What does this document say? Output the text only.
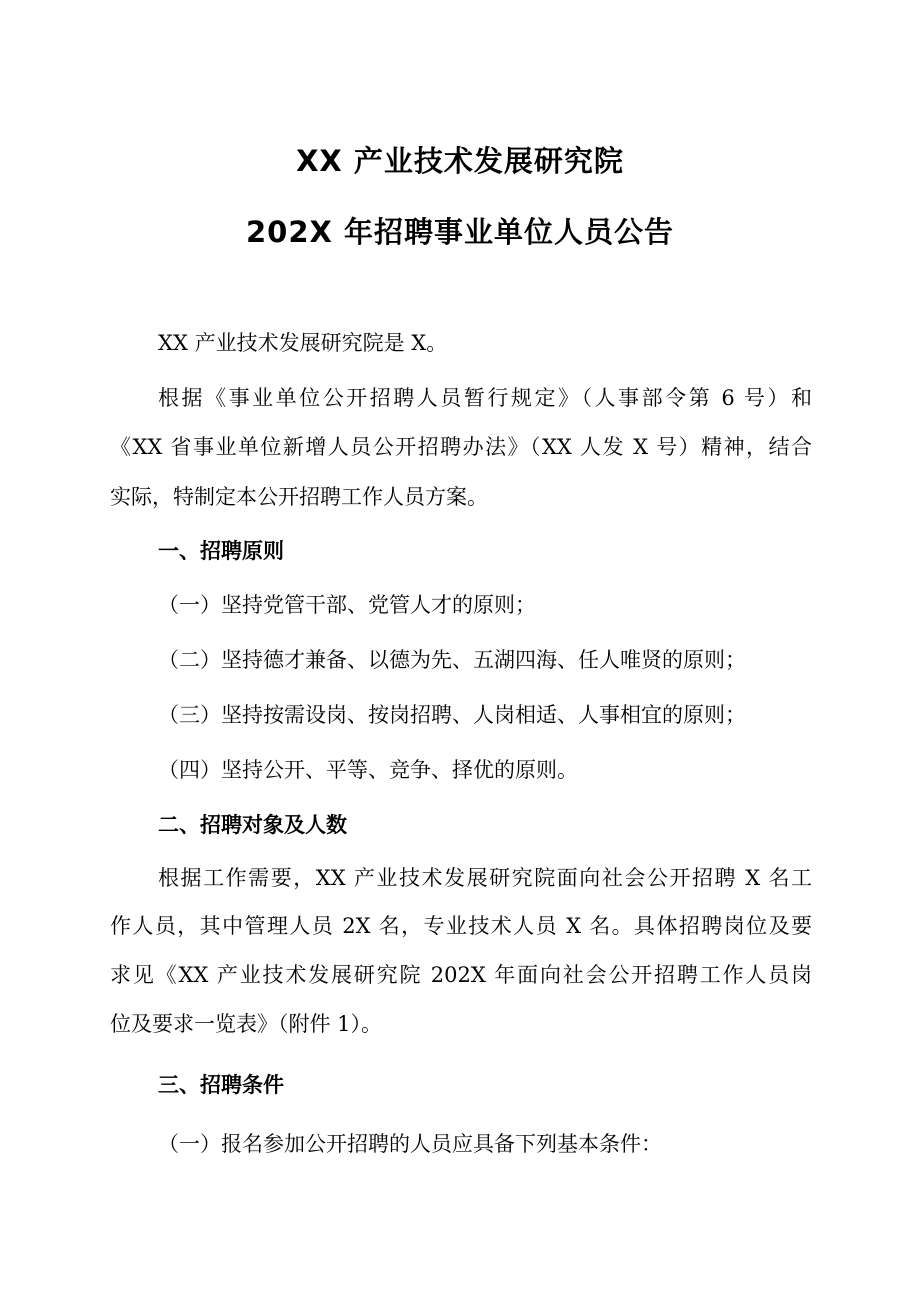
XX 产业技术发展研究院
202X 年招聘事业单位人员公告
XX 产业技术发展研究院是 X。
根据《事业单位公开招聘人员暂行规定》（人事部令第 6 号）和
《XX 省事业单位新增人员公开招聘办法》（XX 人发 X 号）精神，结合
实际，特制定本公开招聘工作人员方案。
一、招聘原则
（一）坚持党管干部、党管人才的原则；
（二）坚持德才兼备、以德为先、五湖四海、任人唯贤的原则；
（三）坚持按需设岗、按岗招聘、人岗相适、人事相宜的原则；
（四）坚持公开、平等、竞争、择优的原则。
二、招聘对象及人数
根据工作需要，XX 产业技术发展研究院面向社会公开招聘 X 名工
作人员，其中管理人员 2X 名，专业技术人员 X 名。具体招聘岗位及要
求见《XX 产业技术发展研究院 202X 年面向社会公开招聘工作人员岗
位及要求一览表》（附件 1）。
三、招聘条件
（一）报名参加公开招聘的人员应具备下列基本条件：
